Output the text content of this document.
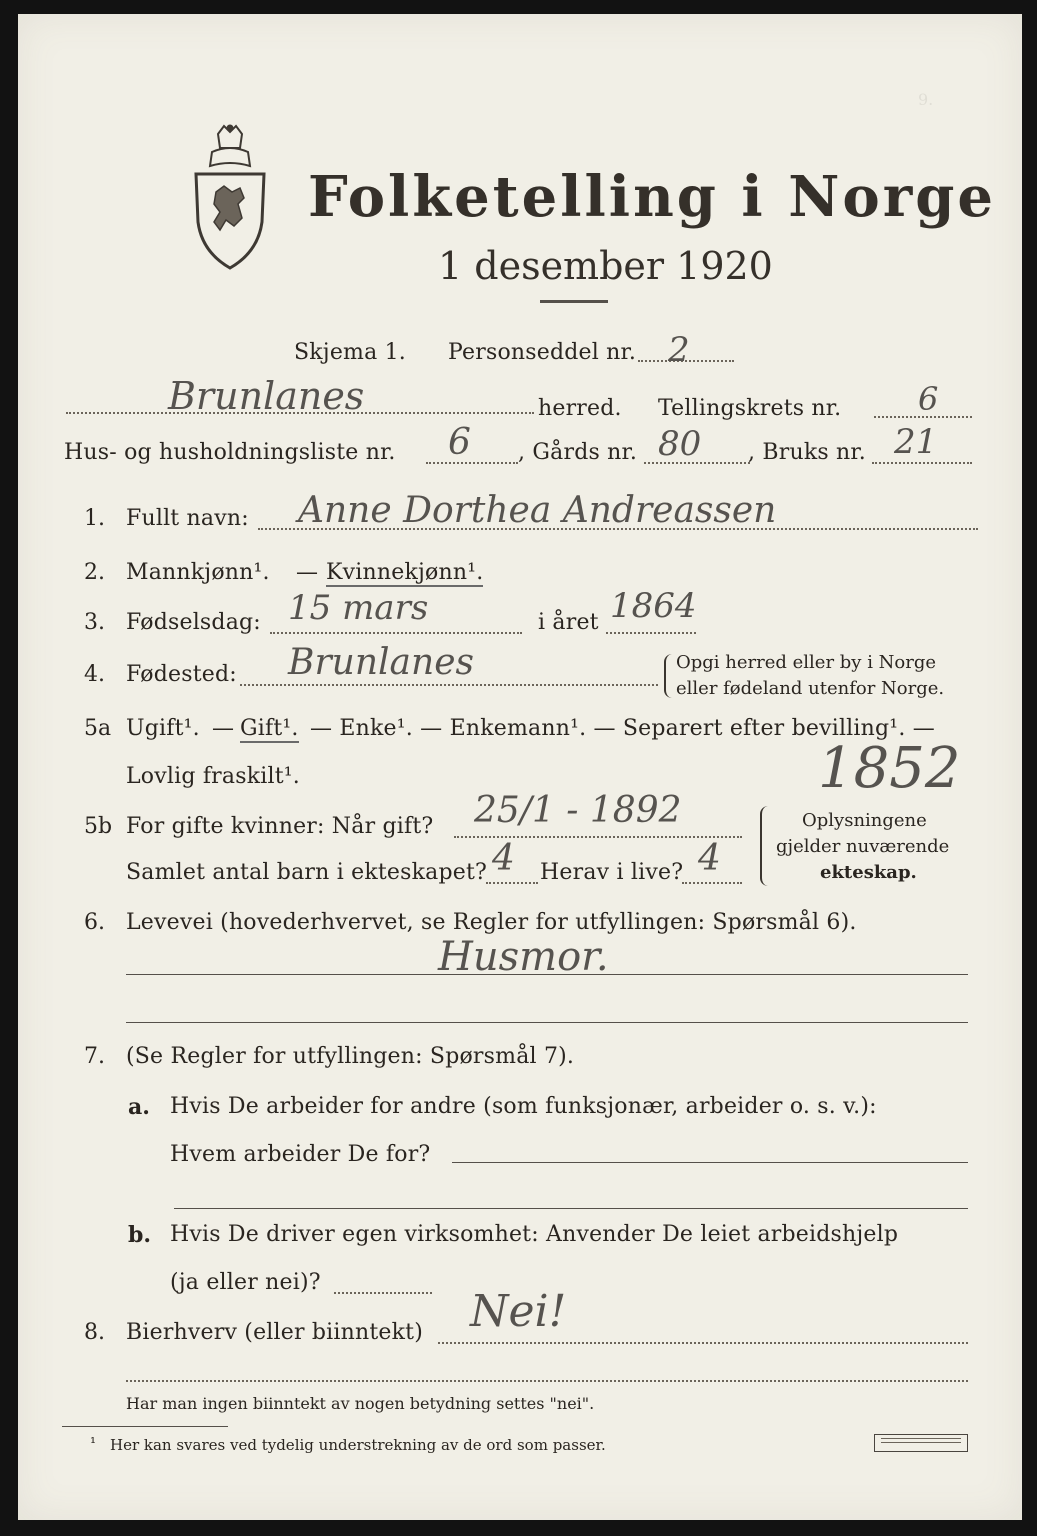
9.
Folketelling i Norge
1 desember 1920
Skjema 1. Personseddel nr. 2
Brunlanes	herred. Tellingskrets nr. 6
Hus- og husholdningsliste nr. 6 , Gårds nr. 80 , Bruks nr. 21
1. Fullt navn: Anne Dorthea Andreassen
2. Mannkjønn¹. — Kvinnekjønn¹.
3. Fødselsdag: 15 mars	i året 1864
4. Fødested: Brunlanes	Opgi herred eller by i Norge
eller fødeland utenfor Norge.
5a Ugift¹. — Gift¹. — Enke¹. — Enkemann¹. — Separert efter bevilling¹. —
Lovlig fraskilt¹.	1852
5b For gifte kvinner: Når gift? 25/1 - 1892
Samlet antal barn i ekteskapet? 4 Herav i live? 4
Oplysningene
gjelder nuværende
ekteskap.
6. Levevei (hovederhvervet, se Regler for utfyllingen: Spørsmål 6).
Husmor.
7. (Se Regler for utfyllingen: Spørsmål 7).
a. Hvis De arbeider for andre (som funksjonær, arbeider o. s. v.):
Hvem arbeider De for?
b. Hvis De driver egen virksomhet: Anvender De leiet arbeidshjelp
(ja eller nei)?
8. Bierhverv (eller biinntekt) Nei!
Har man ingen biinntekt av nogen betydning settes "nei".
¹ Her kan svares ved tydelig understrekning av de ord som passer.
